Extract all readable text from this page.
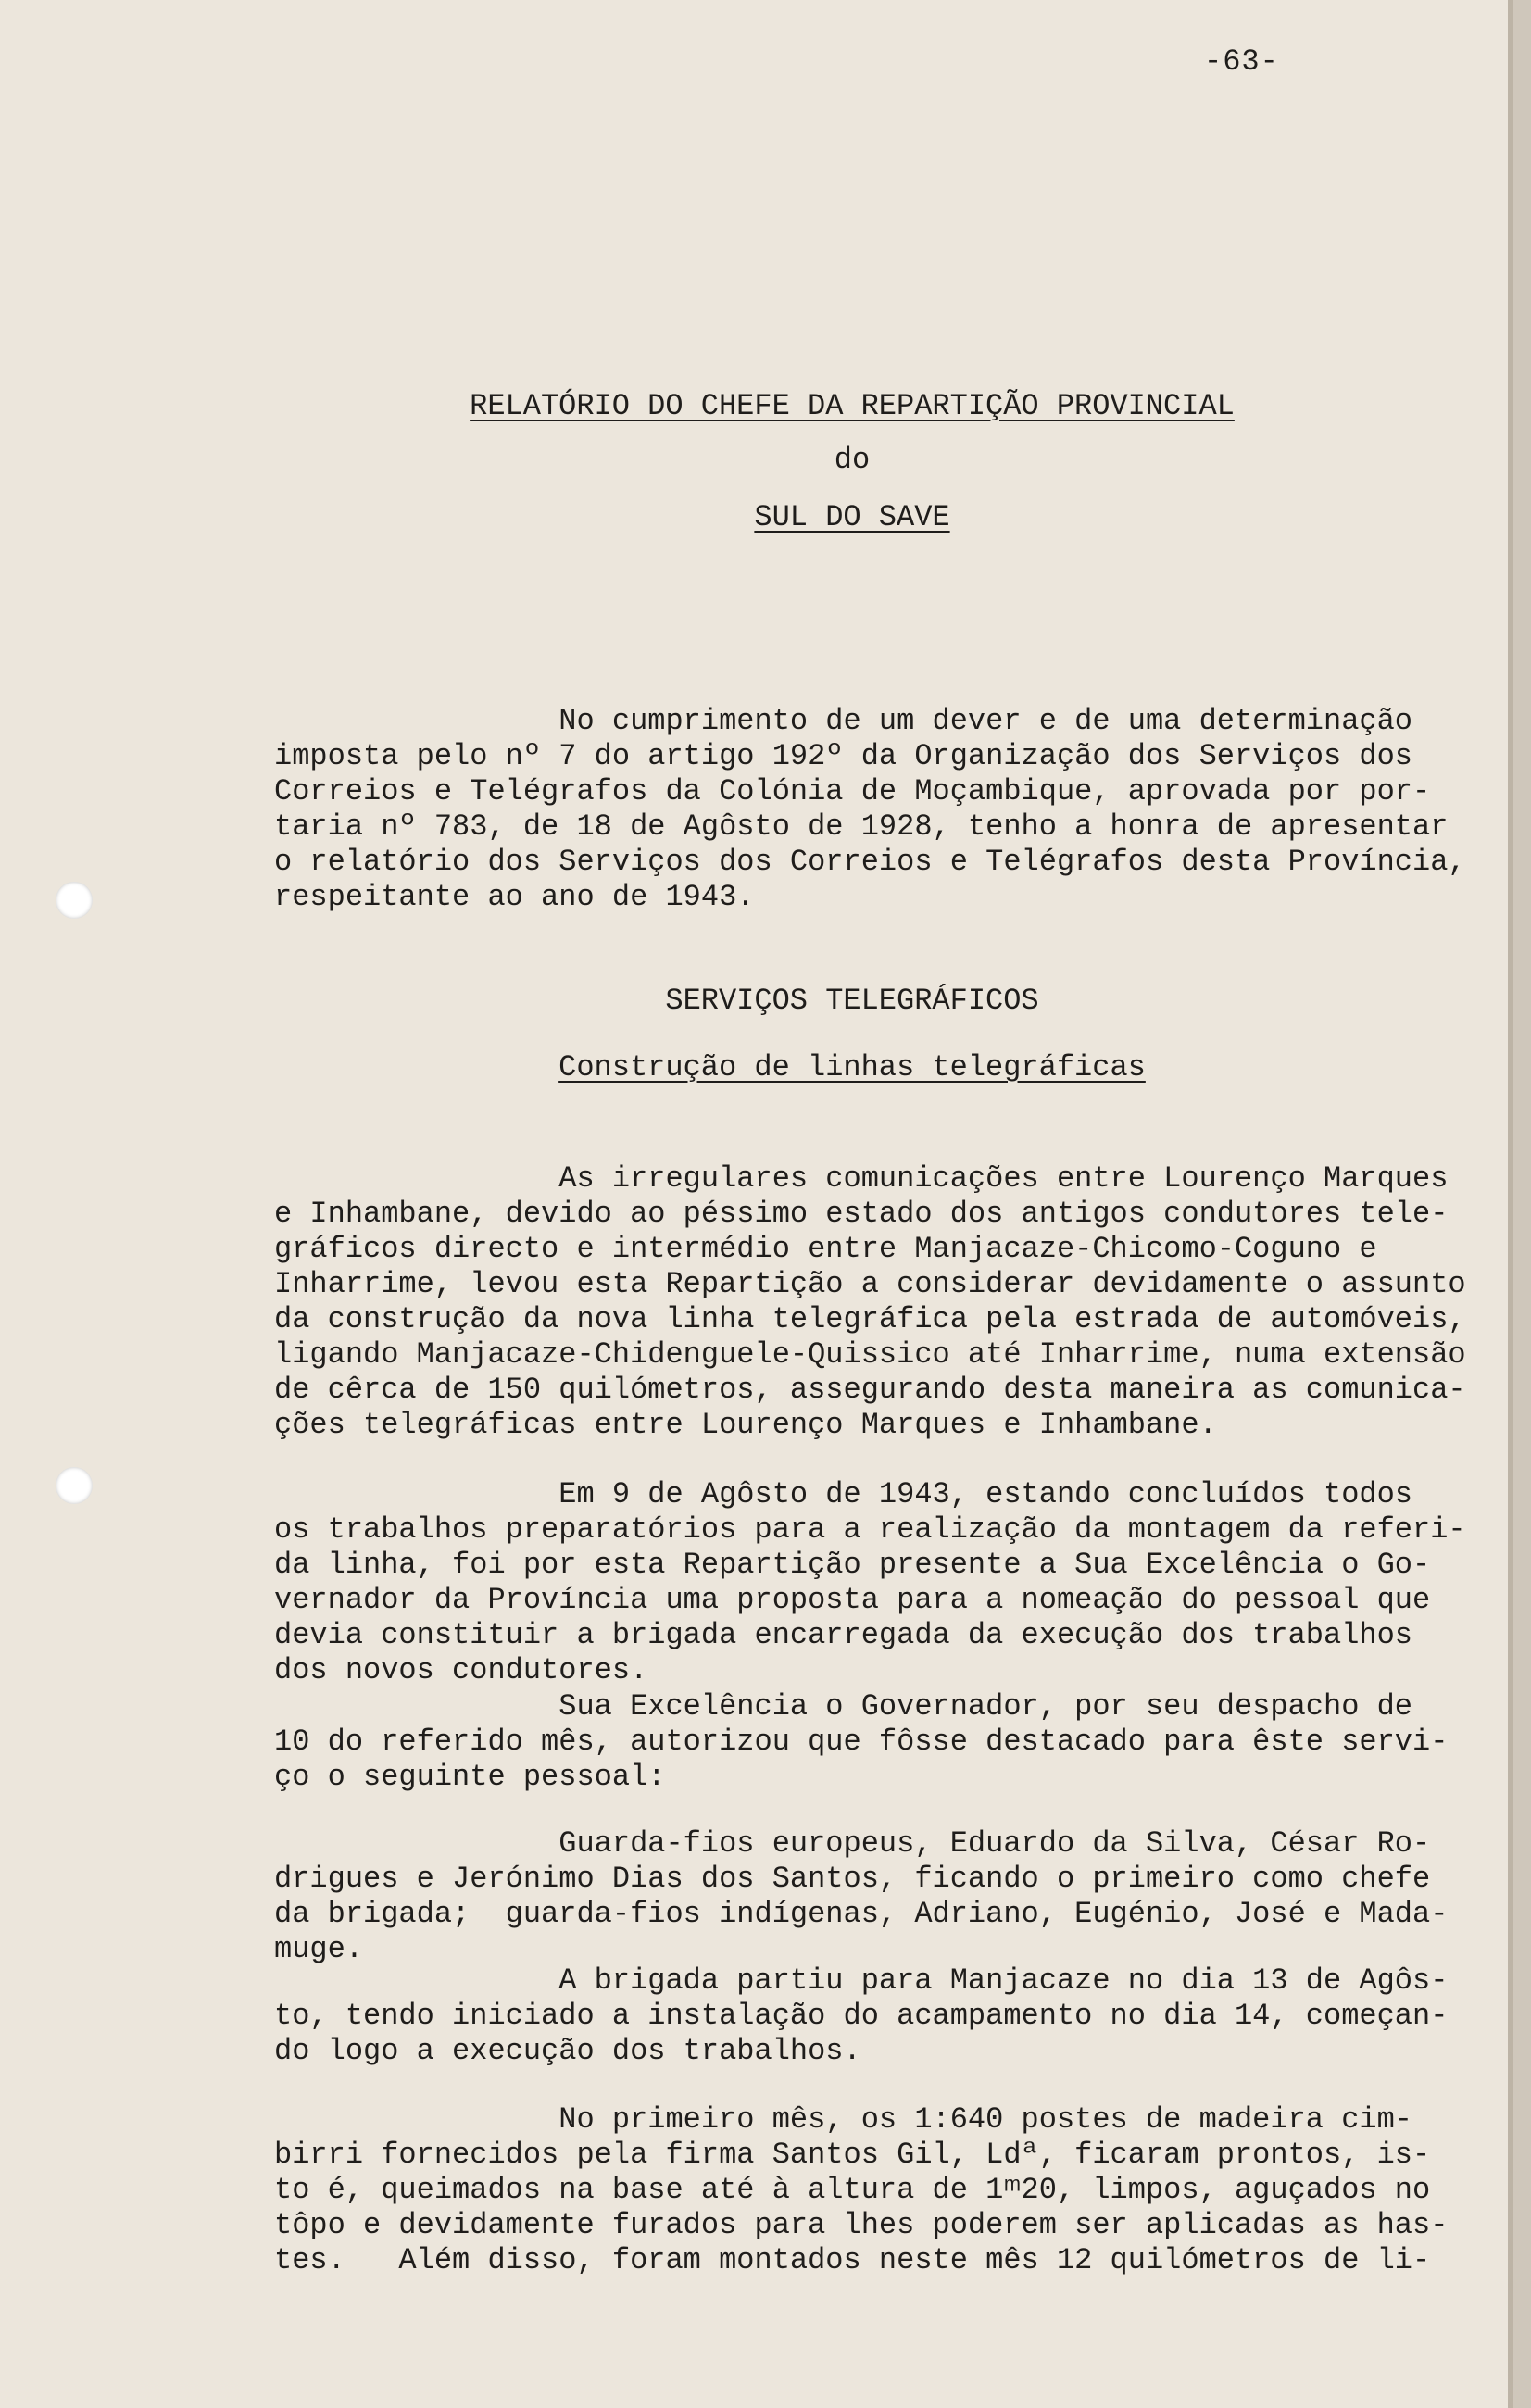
-63-
RELATÓRIO DO CHEFE DA REPARTIÇÃO PROVINCIAL
do
SUL DO SAVE
No cumprimento de um dever e de uma determinação
imposta pelo nº 7 do artigo 192º da Organização dos Serviços dos
Correios e Telégrafos da Colónia de Moçambique, aprovada por por-
taria nº 783, de 18 de Agôsto de 1928, tenho a honra de apresentar
o relatório dos Serviços dos Correios e Telégrafos desta Província,
respeitante ao ano de 1943.
SERVIÇOS TELEGRÁFICOS
Construção de linhas telegráficas
As irregulares comunicações entre Lourenço Marques
e Inhambane, devido ao péssimo estado dos antigos condutores tele-
gráficos directo e intermédio entre Manjacaze-Chicomo-Coguno e
Inharrime, levou esta Repartição a considerar devidamente o assunto
da construção da nova linha telegráfica pela estrada de automóveis,
ligando Manjacaze-Chidenguele-Quissico até Inharrime, numa extensão
de cêrca de 150 quilómetros, assegurando desta maneira as comunica-
ções telegráficas entre Lourenço Marques e Inhambane.
Em 9 de Agôsto de 1943, estando concluídos todos
os trabalhos preparatórios para a realização da montagem da referi-
da linha, foi por esta Repartição presente a Sua Excelência o Go-
vernador da Província uma proposta para a nomeação do pessoal que
devia constituir a brigada encarregada da execução dos trabalhos
dos novos condutores.
Sua Excelência o Governador, por seu despacho de
10 do referido mês, autorizou que fôsse destacado para êste servi-
ço o seguinte pessoal:
Guarda-fios europeus, Eduardo da Silva, César Ro-
drigues e Jerónimo Dias dos Santos, ficando o primeiro como chefe
da brigada;  guarda-fios indígenas, Adriano, Eugénio, José e Mada-
muge.
A brigada partiu para Manjacaze no dia 13 de Agôs-
to, tendo iniciado a instalação do acampamento no dia 14, começan-
do logo a execução dos trabalhos.
No primeiro mês, os 1:640 postes de madeira cim-
birri fornecidos pela firma Santos Gil, Ldª, ficaram prontos, is-
to é, queimados na base até à altura de 1ᵐ20, limpos, aguçados no
tôpo e devidamente furados para lhes poderem ser aplicadas as has-
tes.   Além disso, foram montados neste mês 12 quilómetros de li-
